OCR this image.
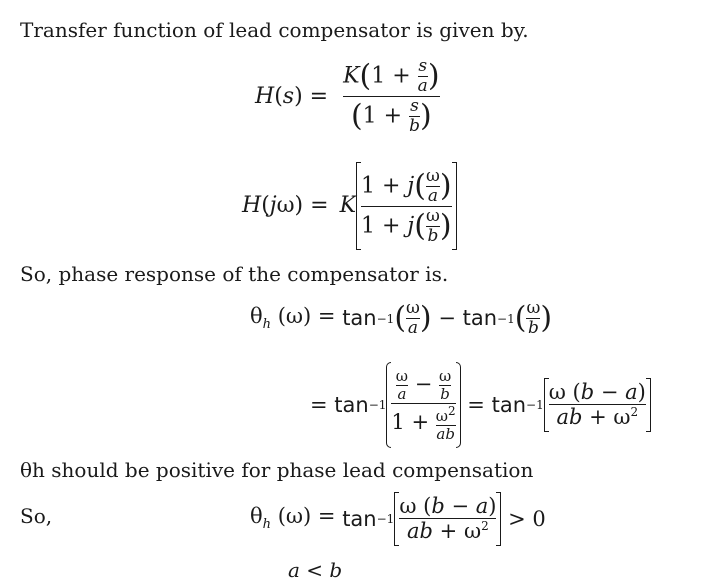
Transfer function of lead compensator is given by.
$H(s) = \frac{K(1 + \frac{s}{a} )}{(1 + \frac{s}{b} )}$
H(jω) = K $\frac{1 + j( \frac{\omega}{a} )}{1 + j( \frac{\omega}{b} )}$
So, phase response of the compensator is.
$\theta_h$ $(\omega) = \tan-1( \frac{\omega}{a}$ ) − $\tan-1( \frac{\omega}{b}$ )
= $\tan-1 \frac{\frac{\omega}{a} - \frac{\omega}{b}}{1 + \frac{\omega^2}{ab}} = \tan-1 \frac{\omega (b - a)}{ab + \omega^2}$
θh should be positive for phase lead compensation
So,	$\theta_h$ $(\omega) = \tan-1 \frac{\omega (b - a)}{ab + \omega^2} > 0$
a < b
